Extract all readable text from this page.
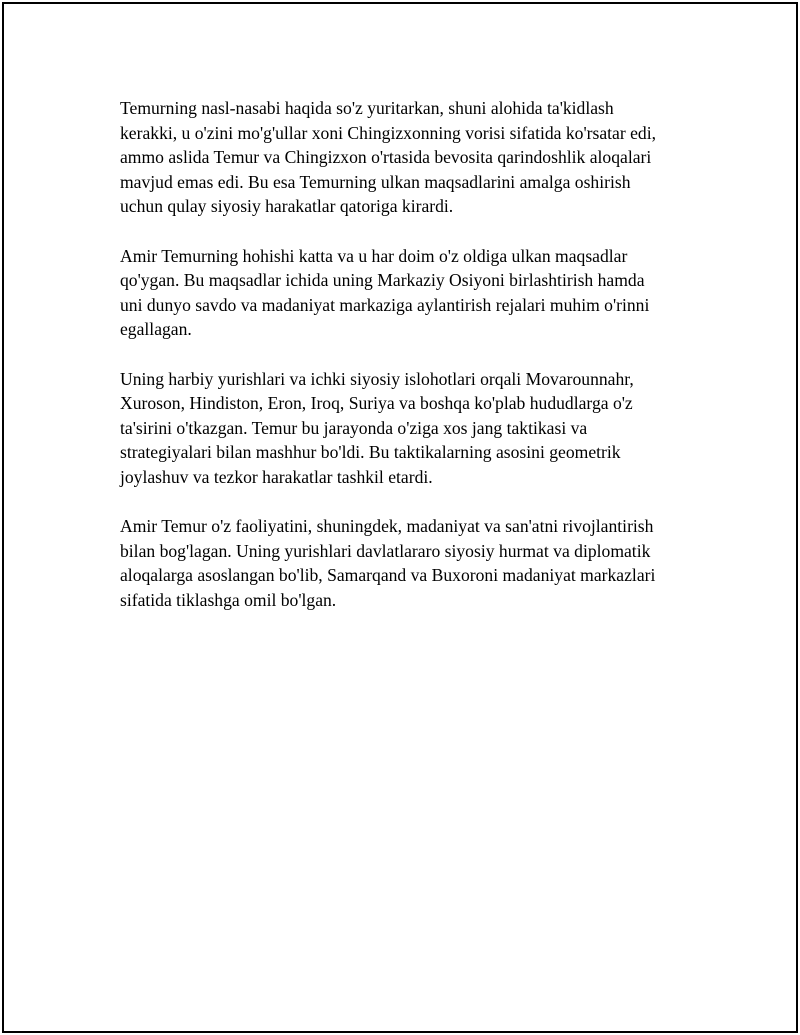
Temurning nasl-nasabi haqida so'z yuritarkan, shuni alohida ta'kidlash
kerakki, u o'zini mo'g'ullar xoni Chingizxonning vorisi sifatida ko'rsatar edi,
ammo aslida Temur va Chingizxon o'rtasida bevosita qarindoshlik aloqalari
mavjud emas edi. Bu esa Temurning ulkan maqsadlarini amalga oshirish
uchun qulay siyosiy harakatlar qatoriga kirardi.

Amir Temurning hohishi katta va u har doim o'z oldiga ulkan maqsadlar
qo'ygan. Bu maqsadlar ichida uning Markaziy Osiyoni birlashtirish hamda
uni dunyo savdo va madaniyat markaziga aylantirish rejalari muhim o'rinni
egallagan.

Uning harbiy yurishlari va ichki siyosiy islohotlari orqali Movarounnahr,
Xuroson, Hindiston, Eron, Iroq, Suriya va boshqa ko'plab hududlarga o'z
ta'sirini o'tkazgan. Temur bu jarayonda o'ziga xos jang taktikasi va
strategiyalari bilan mashhur bo'ldi. Bu taktikalarning asosini geometrik
joylashuv va tezkor harakatlar tashkil etardi.

Amir Temur o'z faoliyatini, shuningdek, madaniyat va san'atni rivojlantirish
bilan bog'lagan. Uning yurishlari davlatlararo siyosiy hurmat va diplomatik
aloqalarga asoslangan bo'lib, Samarqand va Buxoroni madaniyat markazlari
sifatida tiklashga omil bo'lgan.
